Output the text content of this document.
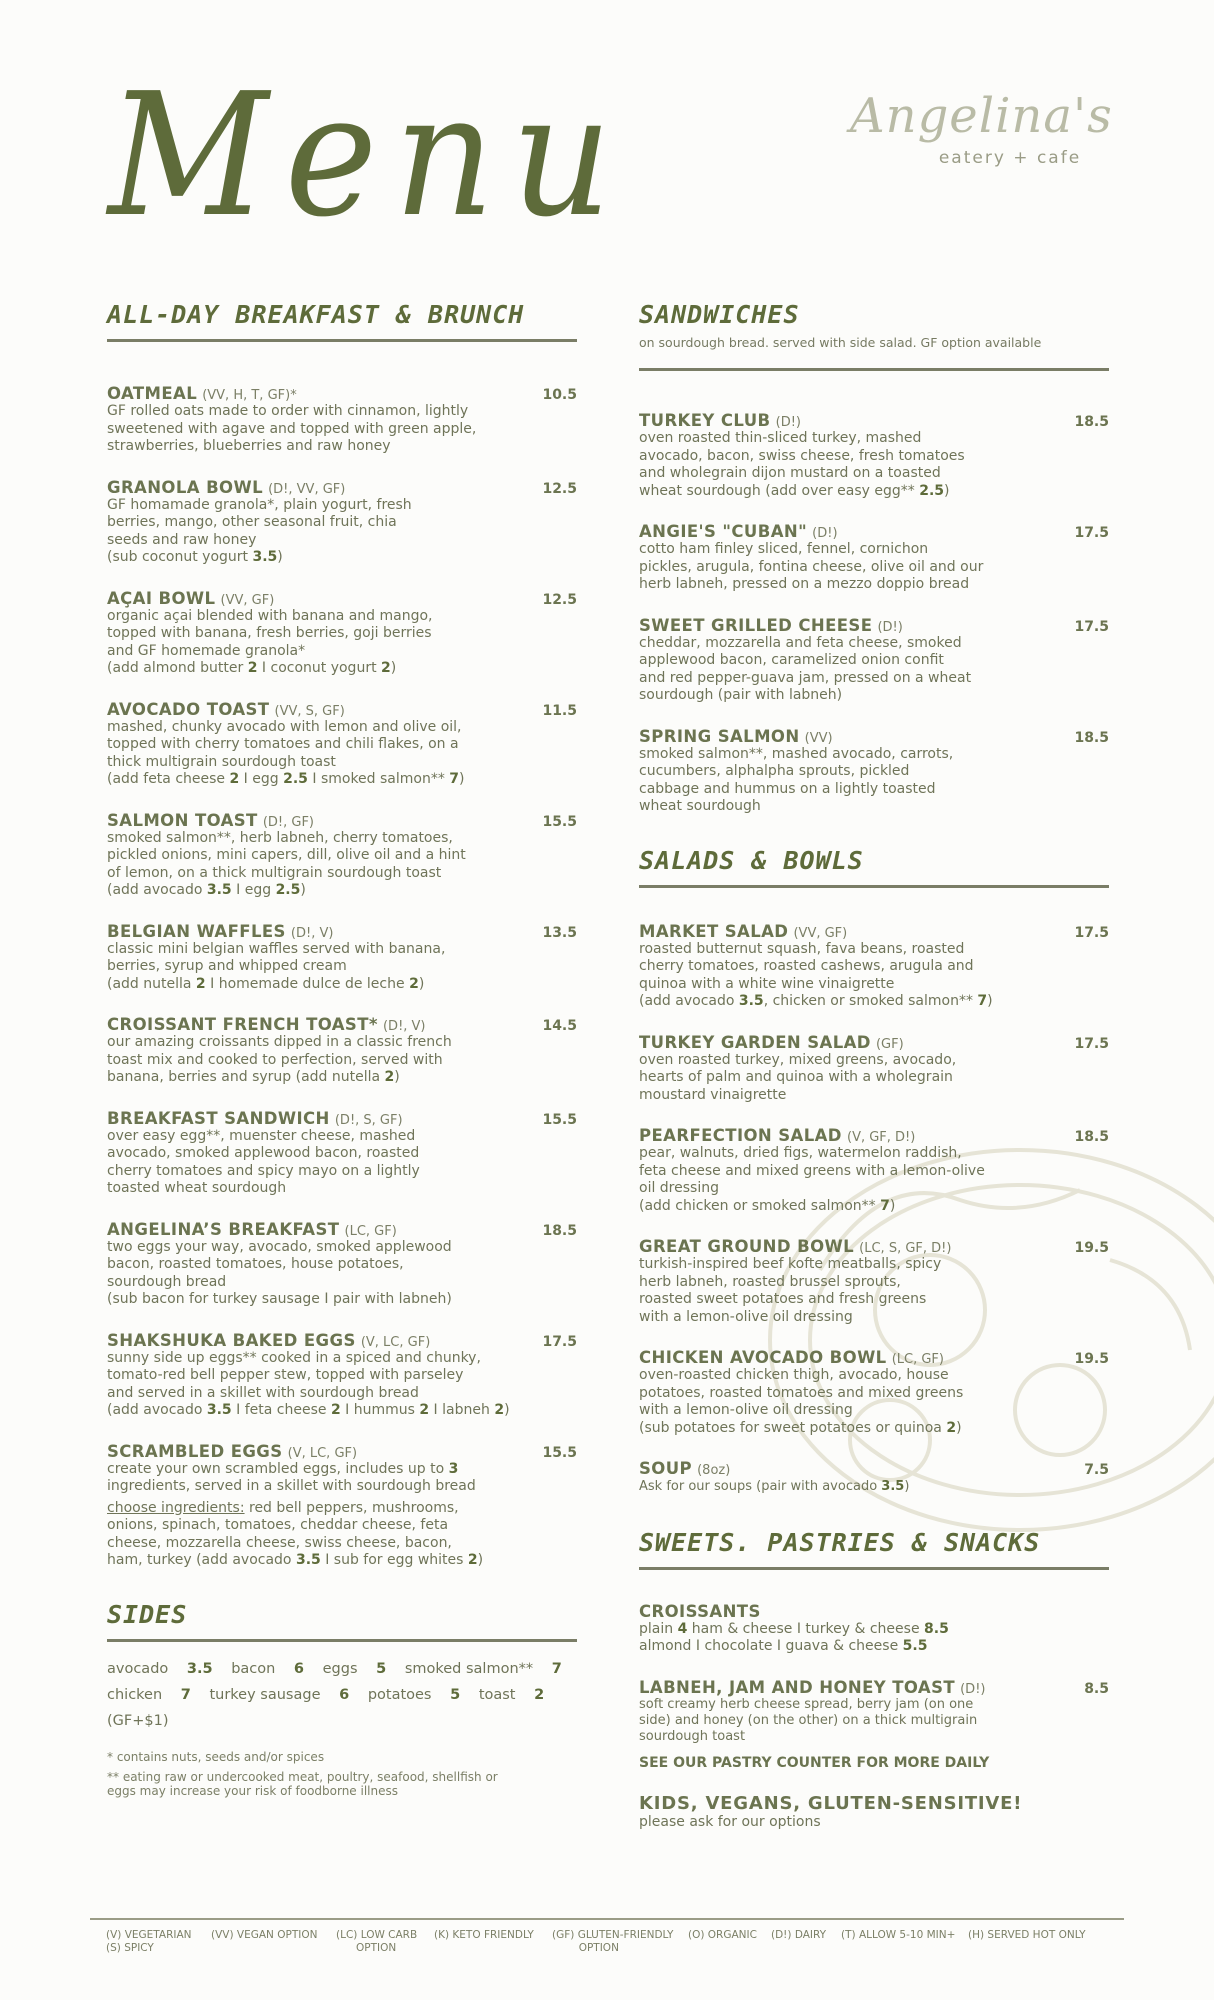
Menu	Angelina's
eatery + cafe
ALL-DAY BREAKFAST & BRUNCH
OATMEAL (VV, H, T, GF)*	10.5
GF rolled oats made to order with cinnamon, lightly
sweetened with agave and topped with green apple,
strawberries, blueberries and raw honey
GRANOLA BOWL (D!, VV, GF)	12.5
GF homamade granola*, plain yogurt, fresh
berries, mango, other seasonal fruit, chia
seeds and raw honey
(sub coconut yogurt 3.5)
AÇAI BOWL (VV, GF)	12.5
organic açai blended with banana and mango,
topped with banana, fresh berries, goji berries
and GF homemade granola*
(add almond butter 2 I coconut yogurt 2)
AVOCADO TOAST (VV, S, GF)	11.5
mashed, chunky avocado with lemon and olive oil,
topped with cherry tomatoes and chili flakes, on a
thick multigrain sourdough toast
(add feta cheese 2 I egg 2.5 I smoked salmon** 7)
SALMON TOAST (D!, GF)	15.5
smoked salmon**, herb labneh, cherry tomatoes,
pickled onions, mini capers, dill, olive oil and a hint
of lemon, on a thick multigrain sourdough toast
(add avocado 3.5 I egg 2.5)
BELGIAN WAFFLES (D!, V)	13.5
classic mini belgian waffles served with banana,
berries, syrup and whipped cream
(add nutella 2 I homemade dulce de leche 2)
CROISSANT FRENCH TOAST* (D!, V)	14.5
our amazing croissants dipped in a classic french
toast mix and cooked to perfection, served with
banana, berries and syrup (add nutella 2)
BREAKFAST SANDWICH (D!, S, GF)	15.5
over easy egg**, muenster cheese, mashed
avocado, smoked applewood bacon, roasted
cherry tomatoes and spicy mayo on a lightly
toasted wheat sourdough
ANGELINA’S BREAKFAST (LC, GF)	18.5
two eggs your way, avocado, smoked applewood
bacon, roasted tomatoes, house potatoes,
sourdough bread
(sub bacon for turkey sausage I pair with labneh)
SHAKSHUKA BAKED EGGS (V, LC, GF)	17.5
sunny side up eggs** cooked in a spiced and chunky,
tomato-red bell pepper stew, topped with parseley
and served in a skillet with sourdough bread
(add avocado 3.5 I feta cheese 2 I hummus 2 I labneh 2)
SCRAMBLED EGGS (V, LC, GF)	15.5
create your own scrambled eggs, includes up to 3
ingredients, served in a skillet with sourdough bread
choose ingredients: red bell peppers, mushrooms,
onions, spinach, tomatoes, cheddar cheese, feta
cheese, mozzarella cheese, swiss cheese, bacon,
ham, turkey (add avocado 3.5 I sub for egg whites 2)
SIDES
avocado 3.5 bacon 6 eggs 5 smoked salmon** 7
chicken 7 turkey sausage 6 potatoes 5 toast 2 (GF+$1)
* contains nuts, seeds and/or spices
** eating raw or undercooked meat, poultry, seafood, shellfish or
eggs may increase your risk of foodborne illness
SANDWICHES
on sourdough bread. served with side salad. GF option available
TURKEY CLUB (D!)	18.5
oven roasted thin-sliced turkey, mashed
avocado, bacon, swiss cheese, fresh tomatoes
and wholegrain dijon mustard on a toasted
wheat sourdough (add over easy egg** 2.5)
ANGIE'S "CUBAN" (D!)	17.5
cotto ham finley sliced, fennel, cornichon
pickles, arugula, fontina cheese, olive oil and our
herb labneh, pressed on a mezzo doppio bread
SWEET GRILLED CHEESE (D!)	17.5
cheddar, mozzarella and feta cheese, smoked
applewood bacon, caramelized onion confit
and red pepper-guava jam, pressed on a wheat
sourdough (pair with labneh)
SPRING SALMON (VV)	18.5
smoked salmon**, mashed avocado, carrots,
cucumbers, alphalpha sprouts, pickled
cabbage and hummus on a lightly toasted
wheat sourdough
SALADS & BOWLS
MARKET SALAD (VV, GF)	17.5
roasted butternut squash, fava beans, roasted
cherry tomatoes, roasted cashews, arugula and
quinoa with a white wine vinaigrette
(add avocado 3.5, chicken or smoked salmon** 7)
TURKEY GARDEN SALAD (GF)	17.5
oven roasted turkey, mixed greens, avocado,
hearts of palm and quinoa with a wholegrain
moustard vinaigrette
PEARFECTION SALAD (V, GF, D!)	18.5
pear, walnuts, dried figs, watermelon raddish,
feta cheese and mixed greens with a lemon-olive
oil dressing
(add chicken or smoked salmon** 7)
GREAT GROUND BOWL (LC, S, GF, D!)	19.5
turkish-inspired beef kofte meatballs, spicy
herb labneh, roasted brussel sprouts,
roasted sweet potatoes and fresh greens
with a lemon-olive oil dressing
CHICKEN AVOCADO BOWL (LC, GF)	19.5
oven-roasted chicken thigh, avocado, house
potatoes, roasted tomatoes and mixed greens
with a lemon-olive oil dressing
(sub potatoes for sweet potatoes or quinoa 2)
SOUP (8oz)	7.5
Ask for our soups (pair with avocado 3.5)
SWEETS. PASTRIES & SNACKS
CROISSANTS
plain 4 ham & cheese I turkey & cheese 8.5
almond I chocolate I guava & cheese 5.5
LABNEH, JAM AND HONEY TOAST (D!)	8.5
soft creamy herb cheese spread, berry jam (on one
side) and honey (on the other) on a thick multigrain
sourdough toast
SEE OUR PASTRY COUNTER FOR MORE DAILY
KIDS, VEGANS, GLUTEN-SENSITIVE!
please ask for our options
(V) VEGETARIAN
(S) SPICY
(VV) VEGAN OPTION (LC) LOW CARB
OPTION
(K) KETO FRIENDLY (GF) GLUTEN-FRIENDLY
OPTION
(O) ORGANIC (D!) DAIRY (T) ALLOW 5-10 MIN+ (H) SERVED HOT ONLY
